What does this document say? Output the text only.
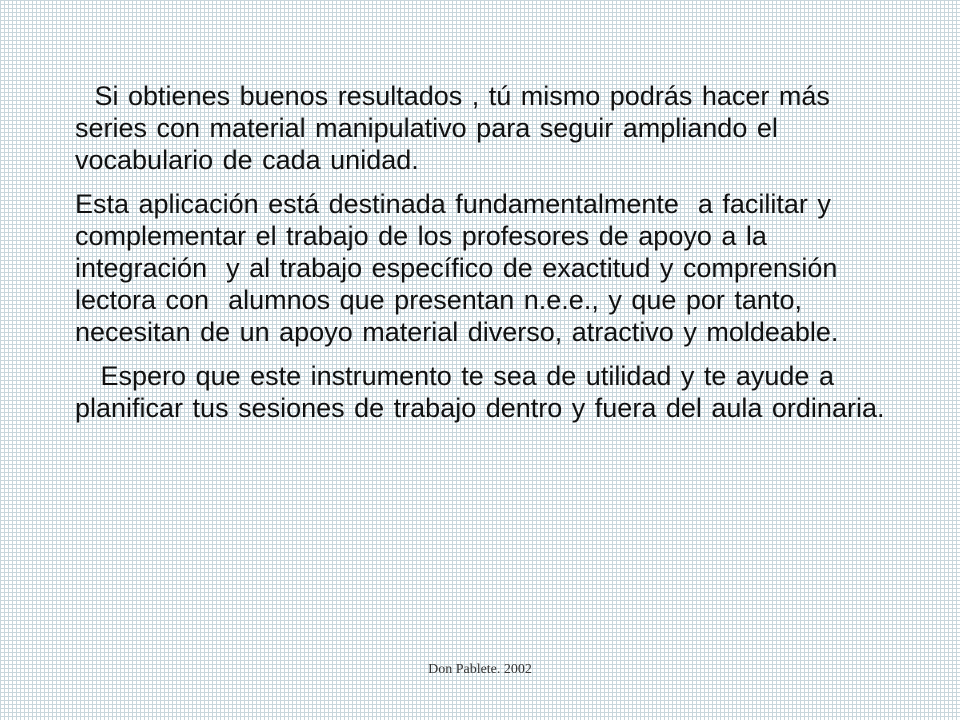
Si obtienes buenos resultados , tú mismo podrás hacer más series con material manipulativo para seguir ampliando el  vocabulario de cada unidad.

Esta aplicación está destinada fundamentalmente  a facilitar y complementar el trabajo de los profesores de apoyo a la integración  y al trabajo específico de exactitud y comprensión lectora con  alumnos que presentan n.e.e., y que por tanto, necesitan de un apoyo material diverso, atractivo y moldeable.

Espero que este instrumento te sea de utilidad y te ayude a planificar tus sesiones de trabajo dentro y fuera del aula ordinaria.

Don Pablete. 2002
